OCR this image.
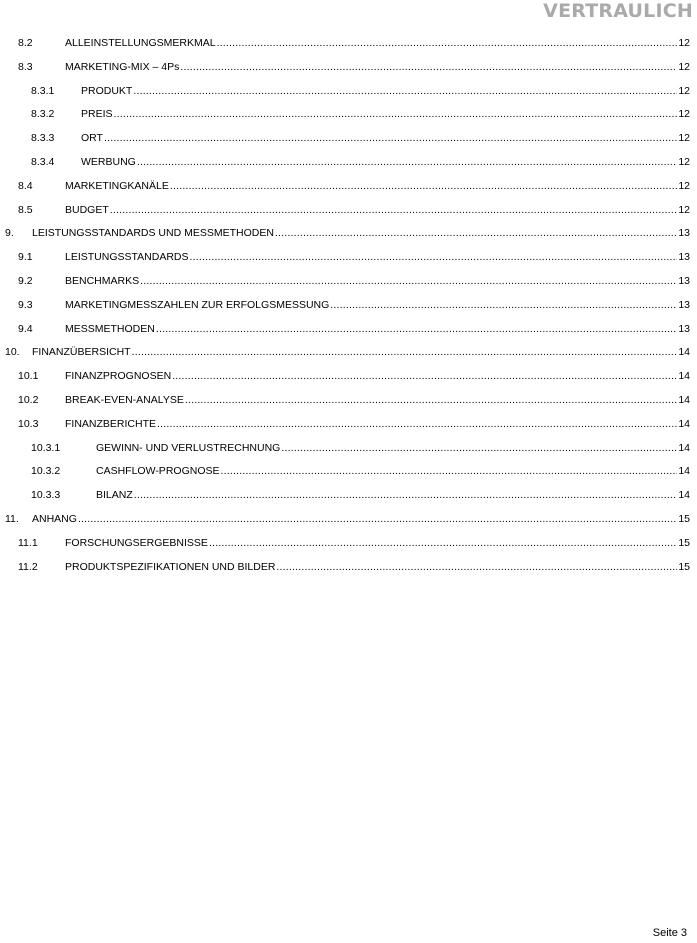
VERTRAULICH
8.2	ALLEINSTELLUNGSMERKMAL .....	12
8.3	MARKETING-MIX – 4Ps .....	12
8.3.1	PRODUKT .....	12
8.3.2	PREIS .....	12
8.3.3	ORT .....	12
8.3.4	WERBUNG .....	12
8.4	MARKETINGKANÄLE .....	12
8.5	BUDGET .....	12
9. LEISTUNGSSTANDARDS UND MESSMETHODEN .....	13
9.1	LEISTUNGSSTANDARDS .....	13
9.2	BENCHMARKS .....	13
9.3	MARKETINGMESSZAHLEN ZUR ERFOLGSMESSUNG .....	13
9.4	MESSMETHODEN .....	13
10. FINANZÜBERSICHT .....	14
10.1	FINANZPROGNOSEN .....	14
10.2	BREAK-EVEN-ANALYSE .....	14
10.3	FINANZBERICHTE .....	14
10.3.1	GEWINN- UND VERLUSTRECHNUNG .....	14
10.3.2	CASHFLOW-PROGNOSE .....	14
10.3.3	BILANZ .....	14
11. ANHANG .....	15
11.1	FORSCHUNGSERGEBNISSE .....	15
11.2	PRODUKTSPEZIFIKATIONEN UND BILDER .....	15
Seite 3
